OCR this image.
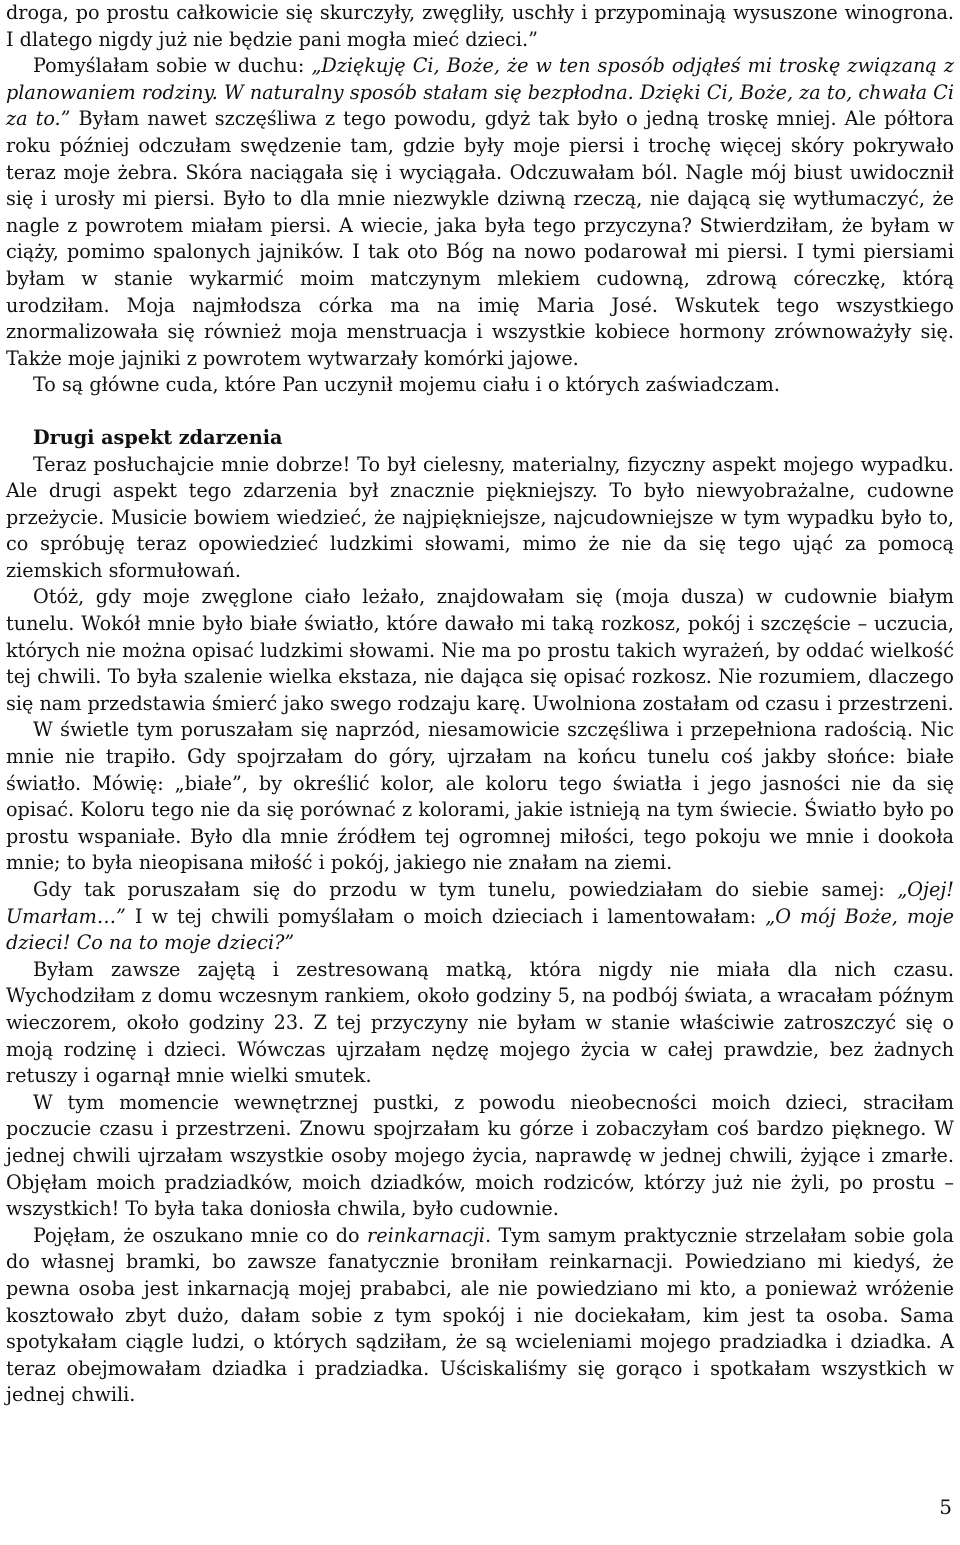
droga, po prostu całkowicie się skurczyły, zwęgliły, uschły i przypominają wysuszone winogrona. I dlatego nigdy już nie będzie pani mogła mieć dzieci.”
Pomyślałam sobie w duchu: „Dziękuję Ci, Boże, że w ten sposób odjąłeś mi troskę związaną z planowaniem rodziny. W naturalny sposób stałam się bezpłodna. Dzięki Ci, Boże, za to, chwała Ci za to.” Byłam nawet szczęśliwa z tego powodu, gdyż tak było o jedną troskę mniej. Ale półtora roku później odczułam swędzenie tam, gdzie były moje piersi i trochę więcej skóry pokrywało teraz moje żebra. Skóra naciągała się i wyciągała. Odczuwałam ból. Nagle mój biust uwidocznił się i urosły mi piersi. Było to dla mnie niezwykle dziwną rzeczą, nie dającą się wytłumaczyć, że nagle z powrotem miałam piersi. A wiecie, jaka była tego przyczyna? Stwierdziłam, że byłam w ciąży, pomimo spalonych jajników. I tak oto Bóg na nowo podarował mi piersi. I tymi piersiami byłam w stanie wykarmić moim matczynym mlekiem cudowną, zdrową córeczkę, którą urodziłam. Moja najmłodsza córka ma na imię Maria José. Wskutek tego wszystkiego znormalizowała się również moja menstruacja i wszystkie kobiece hormony zrównoważyły się. Także moje jajniki z powrotem wytwarzały komórki jajowe.

To są główne cuda, które Pan uczynił mojemu ciału i o których zaświadczam.

Drugi aspekt zdarzenia

Teraz posłuchajcie mnie dobrze! To był cielesny, materialny, fizyczny aspekt mojego wypadku. Ale drugi aspekt tego zdarzenia był znacznie piękniejszy. To było niewyobrażalne, cudowne przeżycie. Musicie bowiem wiedzieć, że najpiękniejsze, najcudowniejsze w tym wypadku było to, co spróbuję teraz opowiedzieć ludzkimi słowami, mimo że nie da się tego ująć za pomocą ziemskich sformułowań.

Otóż, gdy moje zwęglone ciało leżało, znajdowałam się (moja dusza) w cudownie białym tunelu. Wokół mnie było białe światło, które dawało mi taką rozkosz, pokój i szczęście – uczucia, których nie można opisać ludzkimi słowami. Nie ma po prostu takich wyrażeń, by oddać wielkość tej chwili. To była szalenie wielka ekstaza, nie dająca się opisać rozkosz. Nie rozumiem, dlaczego się nam przedstawia śmierć jako swego rodzaju karę. Uwolniona zostałam od czasu i przestrzeni.

W świetle tym poruszałam się naprzód, niesamowicie szczęśliwa i przepełniona radością. Nic mnie nie trapiło. Gdy spojrzałam do góry, ujrzałam na końcu tunelu coś jakby słońce: białe światło. Mówię: „białe”, by określić kolor, ale koloru tego światła i jego jasności nie da się opisać. Koloru tego nie da się porównać z kolorami, jakie istnieją na tym świecie. Światło było po prostu wspaniałe. Było dla mnie źródłem tej ogromnej miłości, tego pokoju we mnie i dookoła mnie; to była nieopisana miłość i pokój, jakiego nie znałam na ziemi.

Gdy tak poruszałam się do przodu w tym tunelu, powiedziałam do siebie samej: „Ojej! Umarłam…” I w tej chwili pomyślałam o moich dzieciach i lamentowałam: „O mój Boże, moje dzieci! Co na to moje dzieci?”

Byłam zawsze zajętą i zestresowaną matką, która nigdy nie miała dla nich czasu. Wychodziłam z domu wczesnym rankiem, około godziny 5, na podbój świata, a wracałam późnym wieczorem, około godziny 23. Z tej przyczyny nie byłam w stanie właściwie zatroszczyć się o moją rodzinę i dzieci. Wówczas ujrzałam nędzę mojego życia w całej prawdzie, bez żadnych retuszy i ogarnął mnie wielki smutek.

W tym momencie wewnętrznej pustki, z powodu nieobecności moich dzieci, straciłam poczucie czasu i przestrzeni. Znowu spojrzałam ku górze i zobaczyłam coś bardzo pięknego. W jednej chwili ujrzałam wszystkie osoby mojego życia, naprawdę w jednej chwili, żyjące i zmarłe. Objęłam moich pradziadków, moich dziadków, moich rodziców, którzy już nie żyli, po prostu – wszystkich! To była taka doniosła chwila, było cudownie.

Pojęłam, że oszukano mnie co do reinkarnacji. Tym samym praktycznie strzelałam sobie gola do własnej bramki, bo zawsze fanatycznie broniłam reinkarnacji. Powiedziano mi kiedyś, że pewna osoba jest inkarnacją mojej prababci, ale nie powiedziano mi kto, a ponieważ wróżenie kosztowało zbyt dużo, dałam sobie z tym spokój i nie dociekałam, kim jest ta osoba. Sama spotykałam ciągle ludzi, o których sądziłam, że są wcieleniami mojego pradziadka i dziadka. A teraz obejmowałam dziadka i pradziadka. Uściskaliśmy się gorąco i spotkałam wszystkich w jednej chwili.

5
